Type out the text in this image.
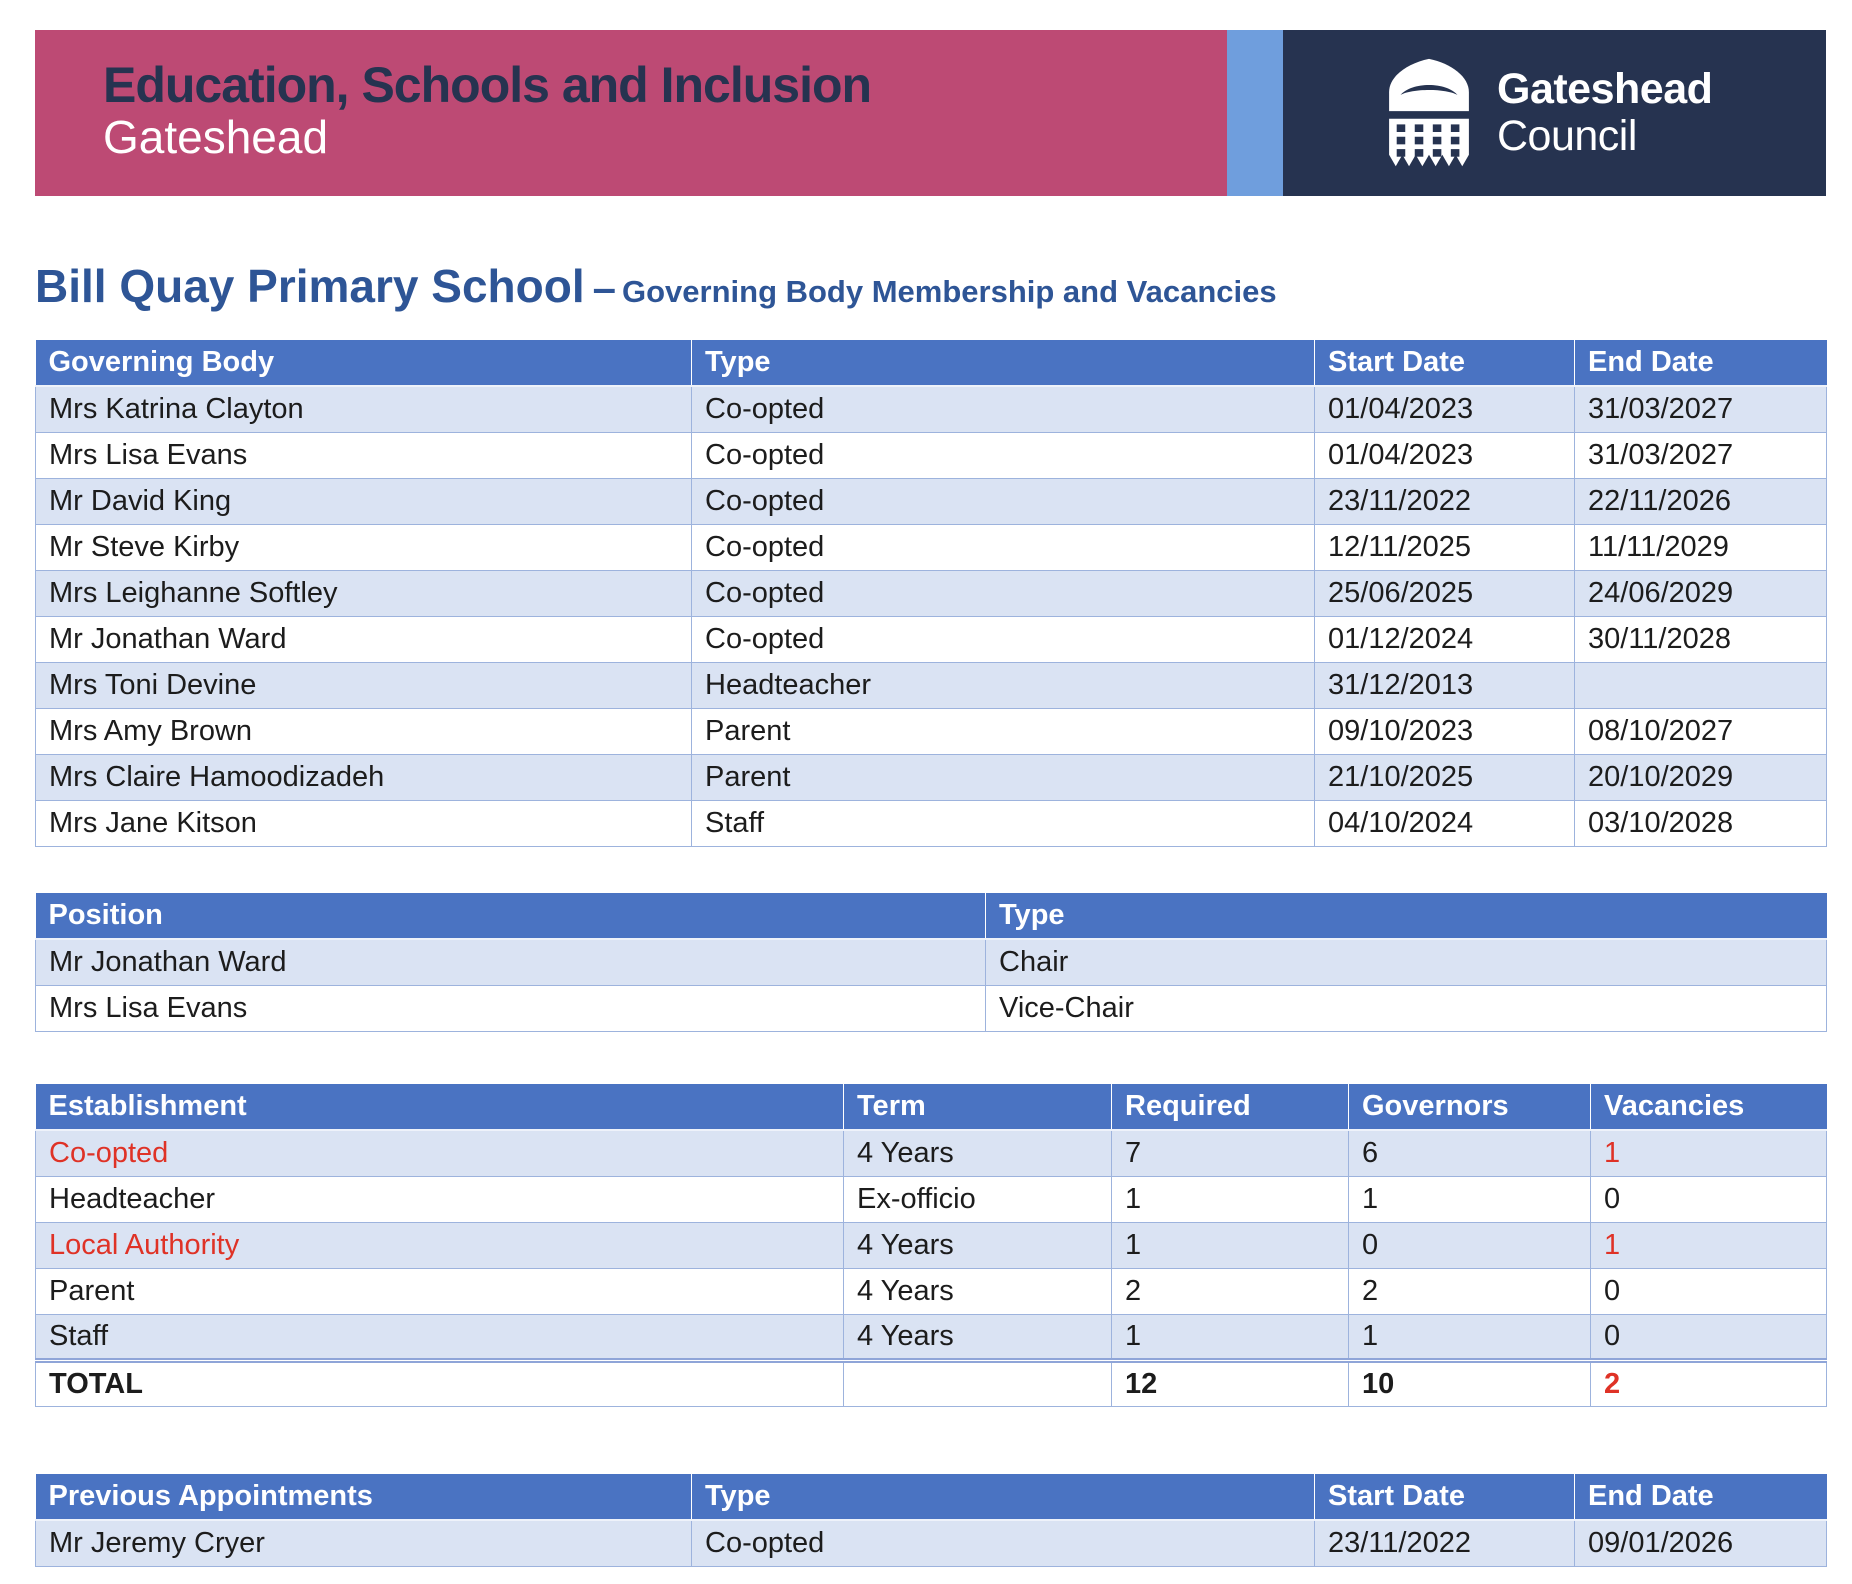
Education, Schools and Inclusion
Gateshead
Gateshead
Council
Bill Quay Primary School – Governing Body Membership and Vacancies
Governing Body	Type	Start Date	End Date
Mrs Katrina Clayton	Co-opted	01/04/2023	31/03/2027
Mrs Lisa Evans	Co-opted	01/04/2023	31/03/2027
Mr David King	Co-opted	23/11/2022	22/11/2026
Mr Steve Kirby	Co-opted	12/11/2025	11/11/2029
Mrs Leighanne Softley	Co-opted	25/06/2025	24/06/2029
Mr Jonathan Ward	Co-opted	01/12/2024	30/11/2028
Mrs Toni Devine	Headteacher	31/12/2013	
Mrs Amy Brown	Parent	09/10/2023	08/10/2027
Mrs Claire Hamoodizadeh	Parent	21/10/2025	20/10/2029
Mrs Jane Kitson	Staff	04/10/2024	03/10/2028
Position	Type
Mr Jonathan Ward	Chair
Mrs Lisa Evans	Vice-Chair
Establishment	Term	Required	Governors	Vacancies
Co-opted	4 Years	7	6	1
Headteacher	Ex-officio	1	1	0
Local Authority	4 Years	1	0	1
Parent	4 Years	2	2	0
Staff	4 Years	1	1	0
TOTAL		12	10	2
Previous Appointments	Type	Start Date	End Date
Mr Jeremy Cryer	Co-opted	23/11/2022	09/01/2026
